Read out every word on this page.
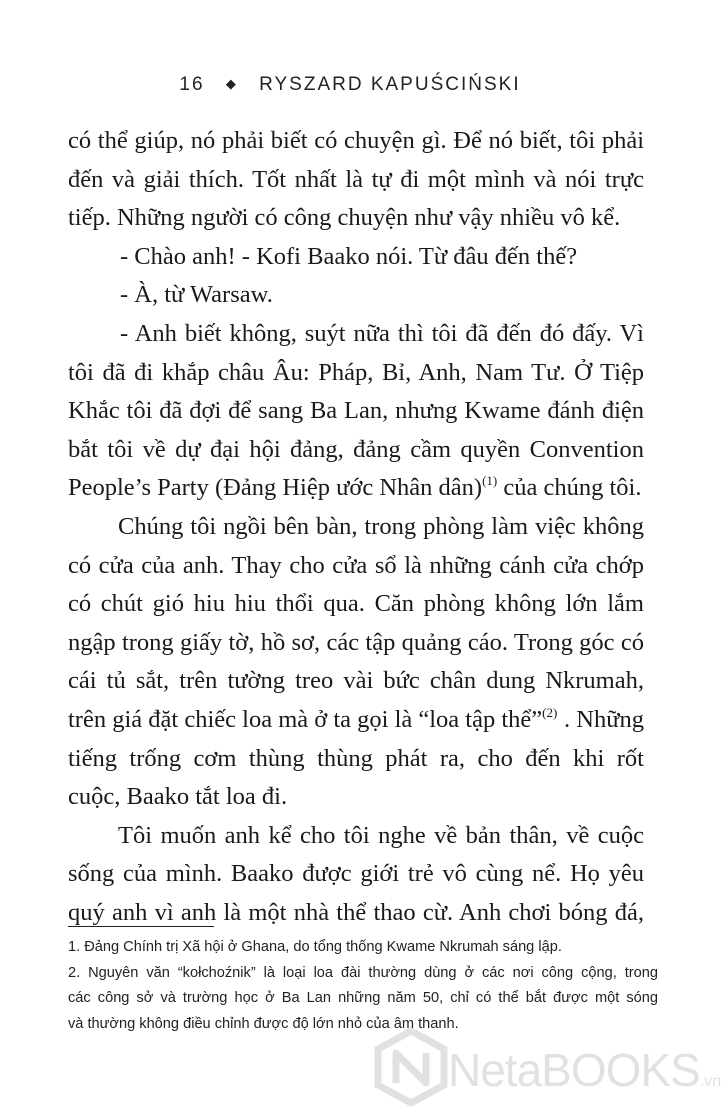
16 ◆ RYSZARD KAPUŚCIŃSKI
có thể giúp, nó phải biết có chuyện gì. Để nó biết, tôi phải
đến và giải thích. Tốt nhất là tự đi một mình và nói trực
tiếp. Những người có công chuyện như vậy nhiều vô kể.
- Chào anh! - Kofi Baako nói. Từ đâu đến thế?
- À, từ Warsaw.
- Anh biết không, suýt nữa thì tôi đã đến đó đấy. Vì
tôi đã đi khắp châu Âu: Pháp, Bỉ, Anh, Nam Tư. Ở Tiệp
Khắc tôi đã đợi để sang Ba Lan, nhưng Kwame đánh điện
bắt tôi về dự đại hội đảng, đảng cầm quyền Convention
People’s Party (Đảng Hiệp ước Nhân dân)$^{(1)}$ của chúng tôi.
Chúng tôi ngồi bên bàn, trong phòng làm việc không
có cửa của anh. Thay cho cửa sổ là những cánh cửa chớp
có chút gió hiu hiu thổi qua. Căn phòng không lớn lắm
ngập trong giấy tờ, hồ sơ, các tập quảng cáo. Trong góc có
cái tủ sắt, trên tường treo vài bức chân dung Nkrumah,
trên giá đặt chiếc loa mà ở ta gọi là “loa tập thể”$^{(2)}$ . Những
tiếng trống cơm thùng thùng phát ra, cho đến khi rốt
cuộc, Baako tắt loa đi.
Tôi muốn anh kể cho tôi nghe về bản thân, về cuộc
sống của mình. Baako được giới trẻ vô cùng nể. Họ yêu
quý anh vì anh là một nhà thể thao cừ. Anh chơi bóng đá,
1. Đảng Chính trị Xã hội ở Ghana, do tổng thống Kwame Nkrumah sáng lập.
2. Nguyên văn “kołchoźnik” là loại loa đài thường dùng ở các nơi công cộng, trong
các công sở và trường học ở Ba Lan những năm 50, chỉ có thể bắt được một sóng
và thường không điều chỉnh được độ lớn nhỏ của âm thanh.
NetaBOOKS.vn
